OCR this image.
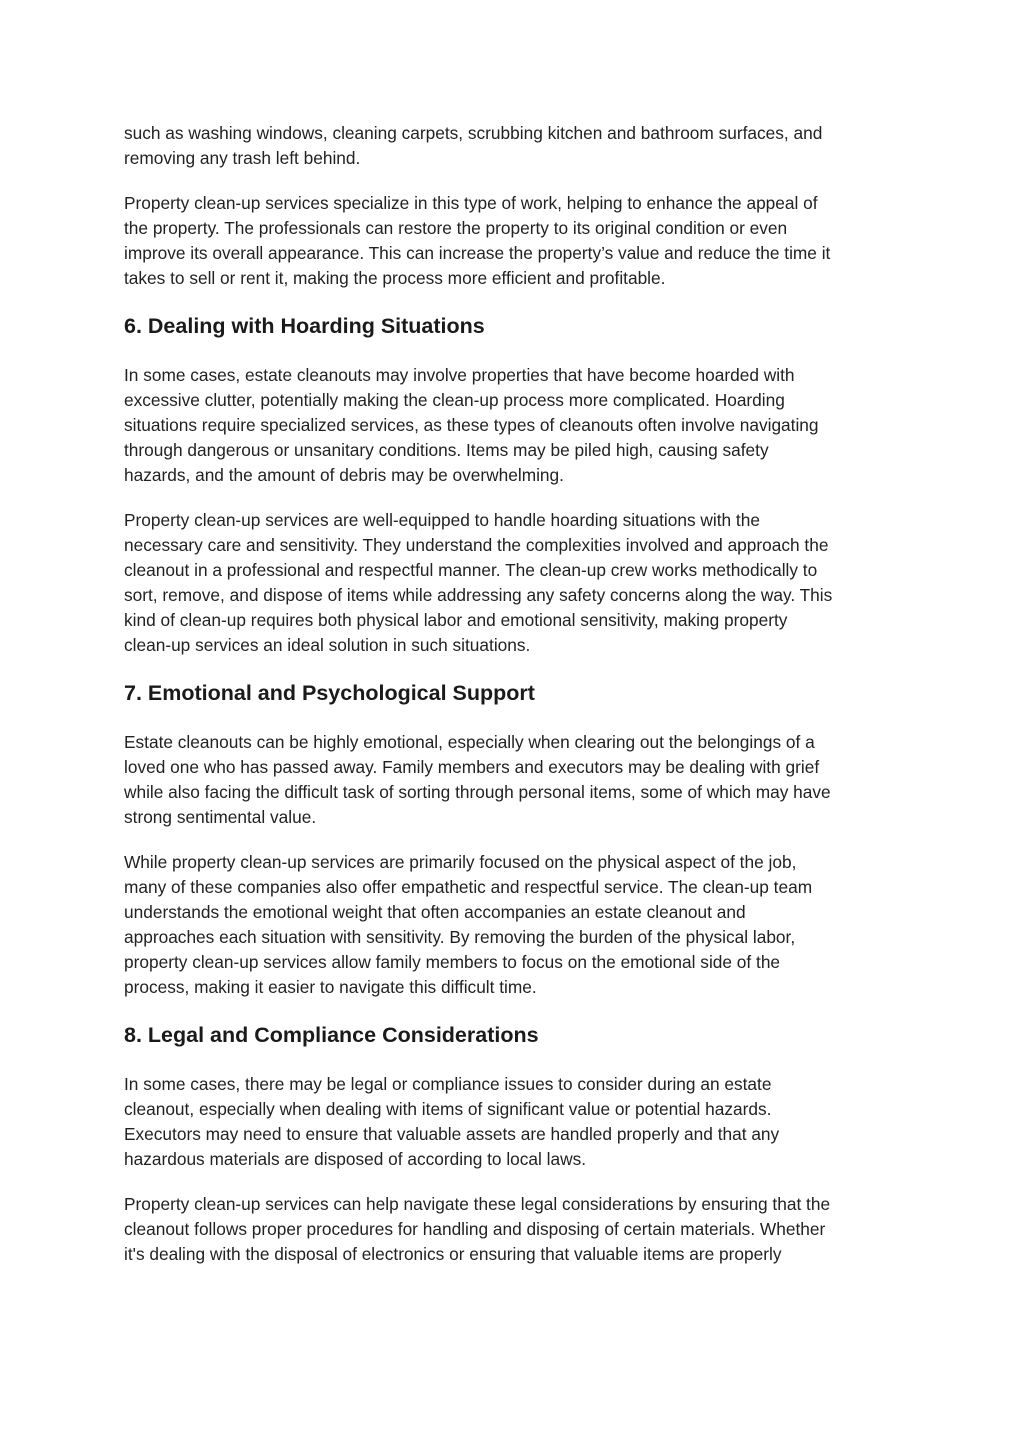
such as washing windows, cleaning carpets, scrubbing kitchen and bathroom surfaces, and
removing any trash left behind.

Property clean-up services specialize in this type of work, helping to enhance the appeal of
the property. The professionals can restore the property to its original condition or even
improve its overall appearance. This can increase the property’s value and reduce the time it
takes to sell or rent it, making the process more efficient and profitable.

6. Dealing with Hoarding Situations

In some cases, estate cleanouts may involve properties that have become hoarded with
excessive clutter, potentially making the clean-up process more complicated. Hoarding
situations require specialized services, as these types of cleanouts often involve navigating
through dangerous or unsanitary conditions. Items may be piled high, causing safety
hazards, and the amount of debris may be overwhelming.

Property clean-up services are well-equipped to handle hoarding situations with the
necessary care and sensitivity. They understand the complexities involved and approach the
cleanout in a professional and respectful manner. The clean-up crew works methodically to
sort, remove, and dispose of items while addressing any safety concerns along the way. This
kind of clean-up requires both physical labor and emotional sensitivity, making property
clean-up services an ideal solution in such situations.

7. Emotional and Psychological Support

Estate cleanouts can be highly emotional, especially when clearing out the belongings of a
loved one who has passed away. Family members and executors may be dealing with grief
while also facing the difficult task of sorting through personal items, some of which may have
strong sentimental value.

While property clean-up services are primarily focused on the physical aspect of the job,
many of these companies also offer empathetic and respectful service. The clean-up team
understands the emotional weight that often accompanies an estate cleanout and
approaches each situation with sensitivity. By removing the burden of the physical labor,
property clean-up services allow family members to focus on the emotional side of the
process, making it easier to navigate this difficult time.

8. Legal and Compliance Considerations

In some cases, there may be legal or compliance issues to consider during an estate
cleanout, especially when dealing with items of significant value or potential hazards.
Executors may need to ensure that valuable assets are handled properly and that any
hazardous materials are disposed of according to local laws.

Property clean-up services can help navigate these legal considerations by ensuring that the
cleanout follows proper procedures for handling and disposing of certain materials. Whether
it's dealing with the disposal of electronics or ensuring that valuable items are properly
